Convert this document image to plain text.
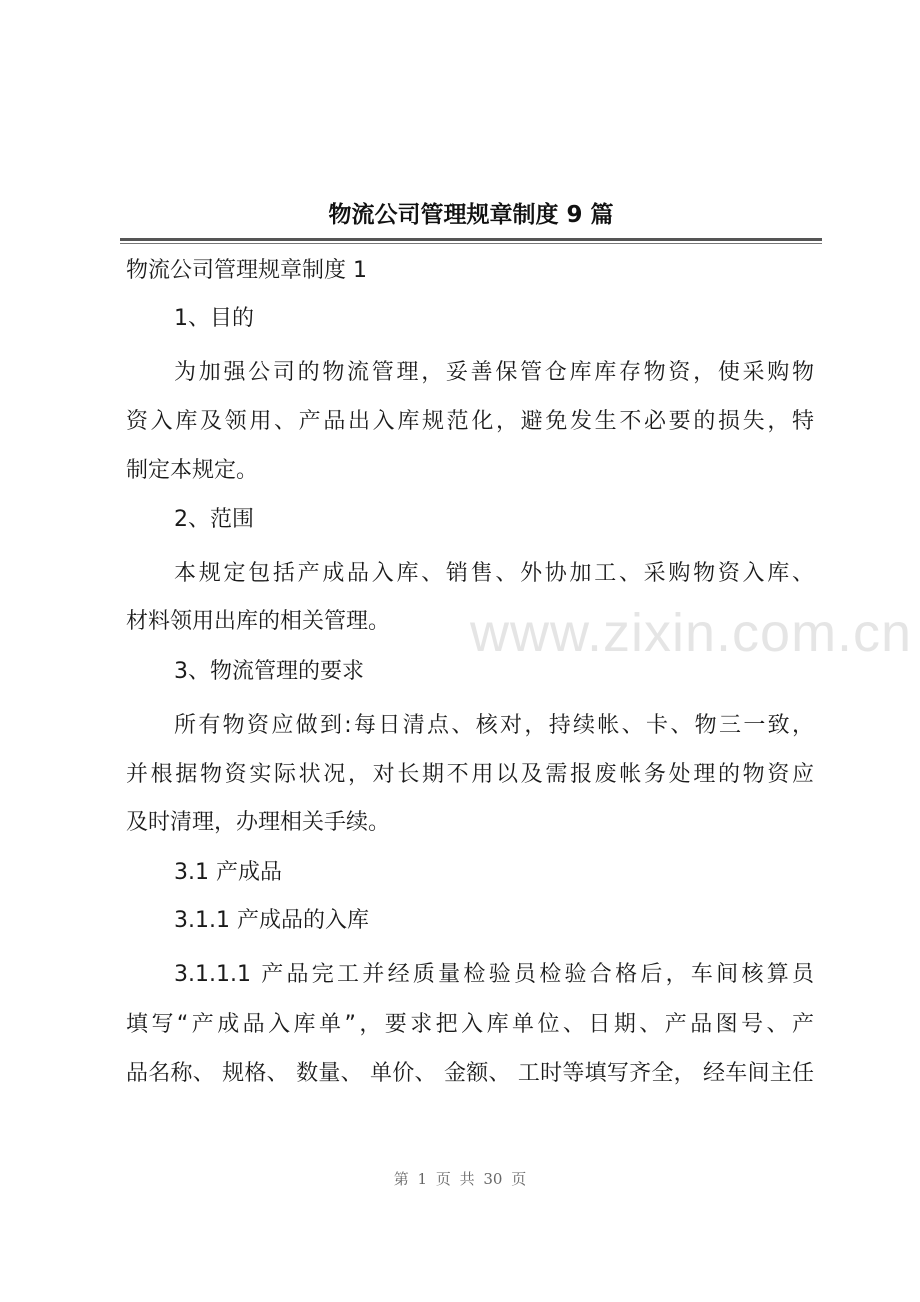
物流公司管理规章制度 9 篇
www.zixin.com.cn
物流公司管理规章制度 1
1、目的
为加强公司的物流管理，妥善保管仓库库存物资，使采购物
资入库及领用、产品出入库规范化，避免发生不必要的损失，特
制定本规定。
2、范围
本规定包括产成品入库、销售、外协加工、采购物资入库、
材料领用出库的相关管理。
3、物流管理的要求
所有物资应做到:每日清点、核对，持续帐、卡、物三一致，
并根据物资实际状况，对长期不用以及需报废帐务处理的物资应
及时清理，办理相关手续。
3.1 产成品
3.1.1 产成品的入库
3.1.1.1 产品完工并经质量检验员检验合格后，车间核算员
填写“产成品入库单”，要求把入库单位、日期、产品图号、产
品名称、 规格、 数量、 单价、 金额、 工时等填写齐全， 经车间主任
第 1 页 共 30 页
